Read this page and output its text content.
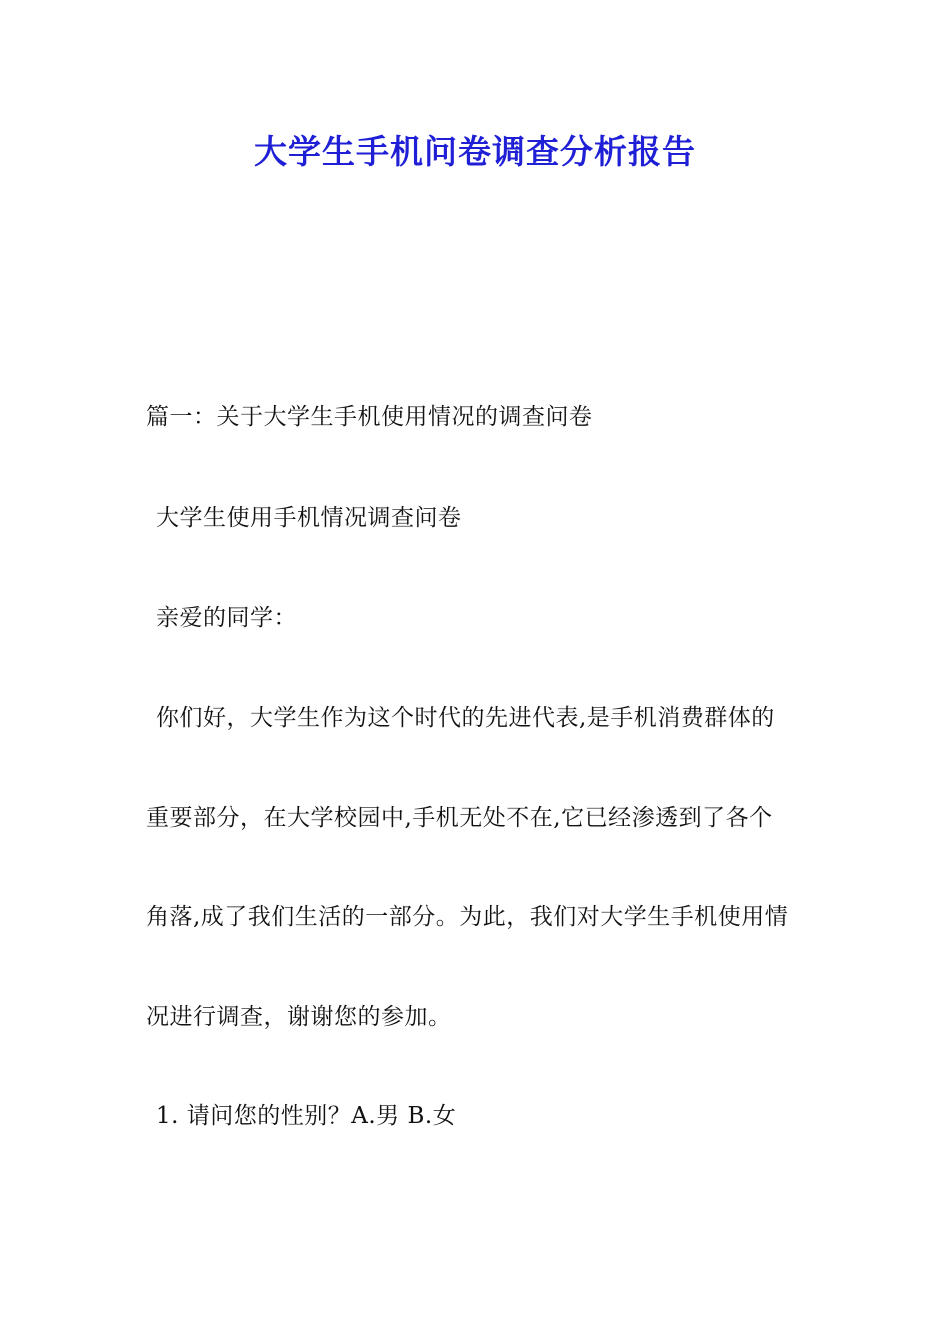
大学生手机问卷调查分析报告
篇一：关于大学生手机使用情况的调查问卷
大学生使用手机情况调查问卷
亲爱的同学：
你们好，大学生作为这个时代的先进代表,是手机消费群体的
重要部分，在大学校园中,手机无处不在,它已经渗透到了各个
角落,成了我们生活的一部分。为此，我们对大学生手机使用情
况进行调查，谢谢您的参加。
1. 请问您的性别？A.男 B.女
